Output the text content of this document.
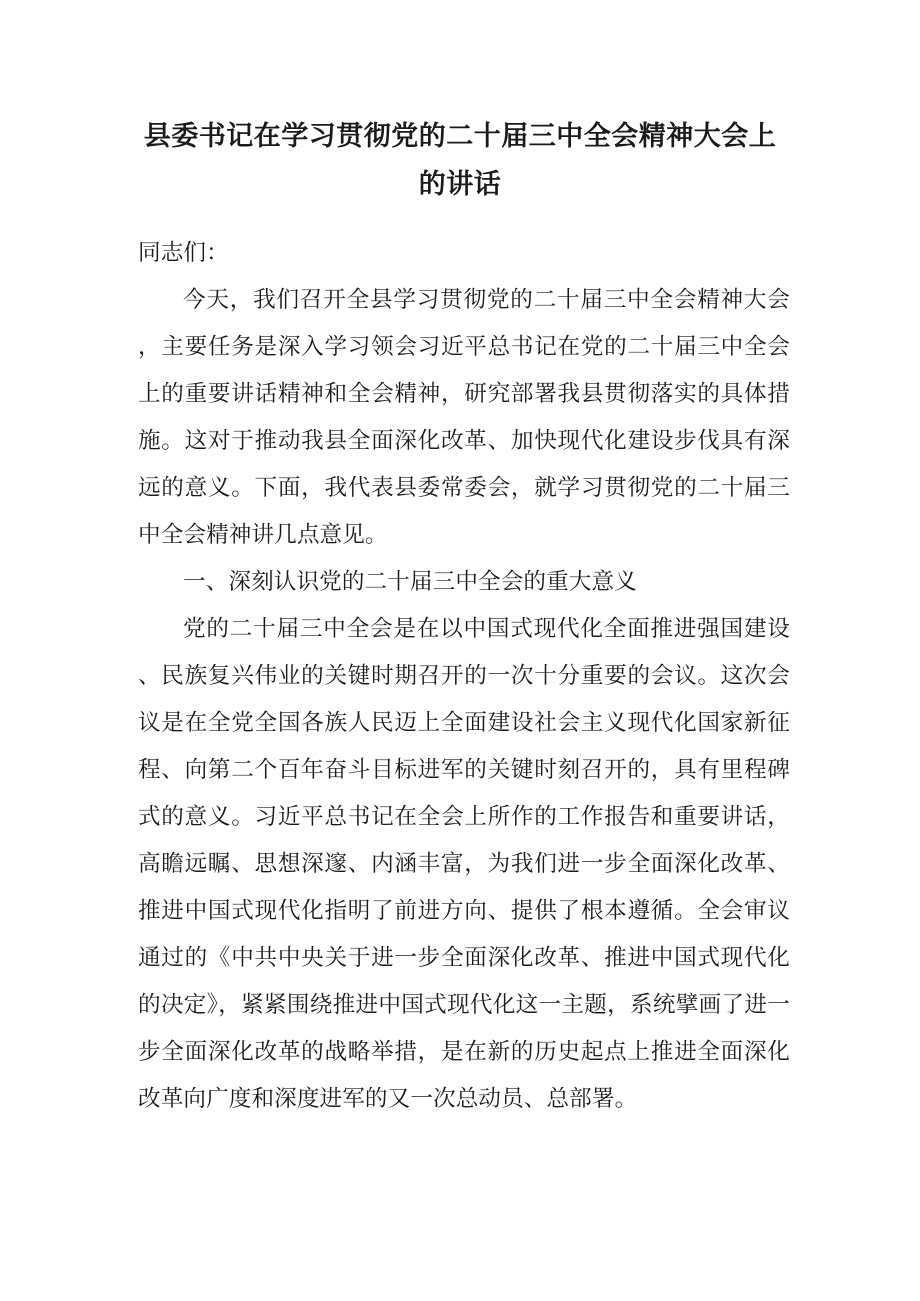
县委书记在学习贯彻党的二十届三中全会精神大会上
的讲话

同志们：

今天，我们召开全县学习贯彻党的二十届三中全会精神大会，主要任务是深入学习领会习近平总书记在党的二十届三中全会上的重要讲话精神和全会精神，研究部署我县贯彻落实的具体措施。这对于推动我县全面深化改革、加快现代化建设步伐具有深远的意义。下面，我代表县委常委会，就学习贯彻党的二十届三中全会精神讲几点意见。

一、深刻认识党的二十届三中全会的重大意义

党的二十届三中全会是在以中国式现代化全面推进强国建设、民族复兴伟业的关键时期召开的一次十分重要的会议。这次会议是在全党全国各族人民迈上全面建设社会主义现代化国家新征程、向第二个百年奋斗目标进军的关键时刻召开的，具有里程碑式的意义。习近平总书记在全会上所作的工作报告和重要讲话，高瞻远瞩、思想深邃、内涵丰富，为我们进一步全面深化改革、推进中国式现代化指明了前进方向、提供了根本遵循。全会审议通过的《中共中央关于进一步全面深化改革、推进中国式现代化的决定》，紧紧围绕推进中国式现代化这一主题，系统擘画了进一步全面深化改革的战略举措，是在新的历史起点上推进全面深化改革向广度和深度进军的又一次总动员、总部署。
